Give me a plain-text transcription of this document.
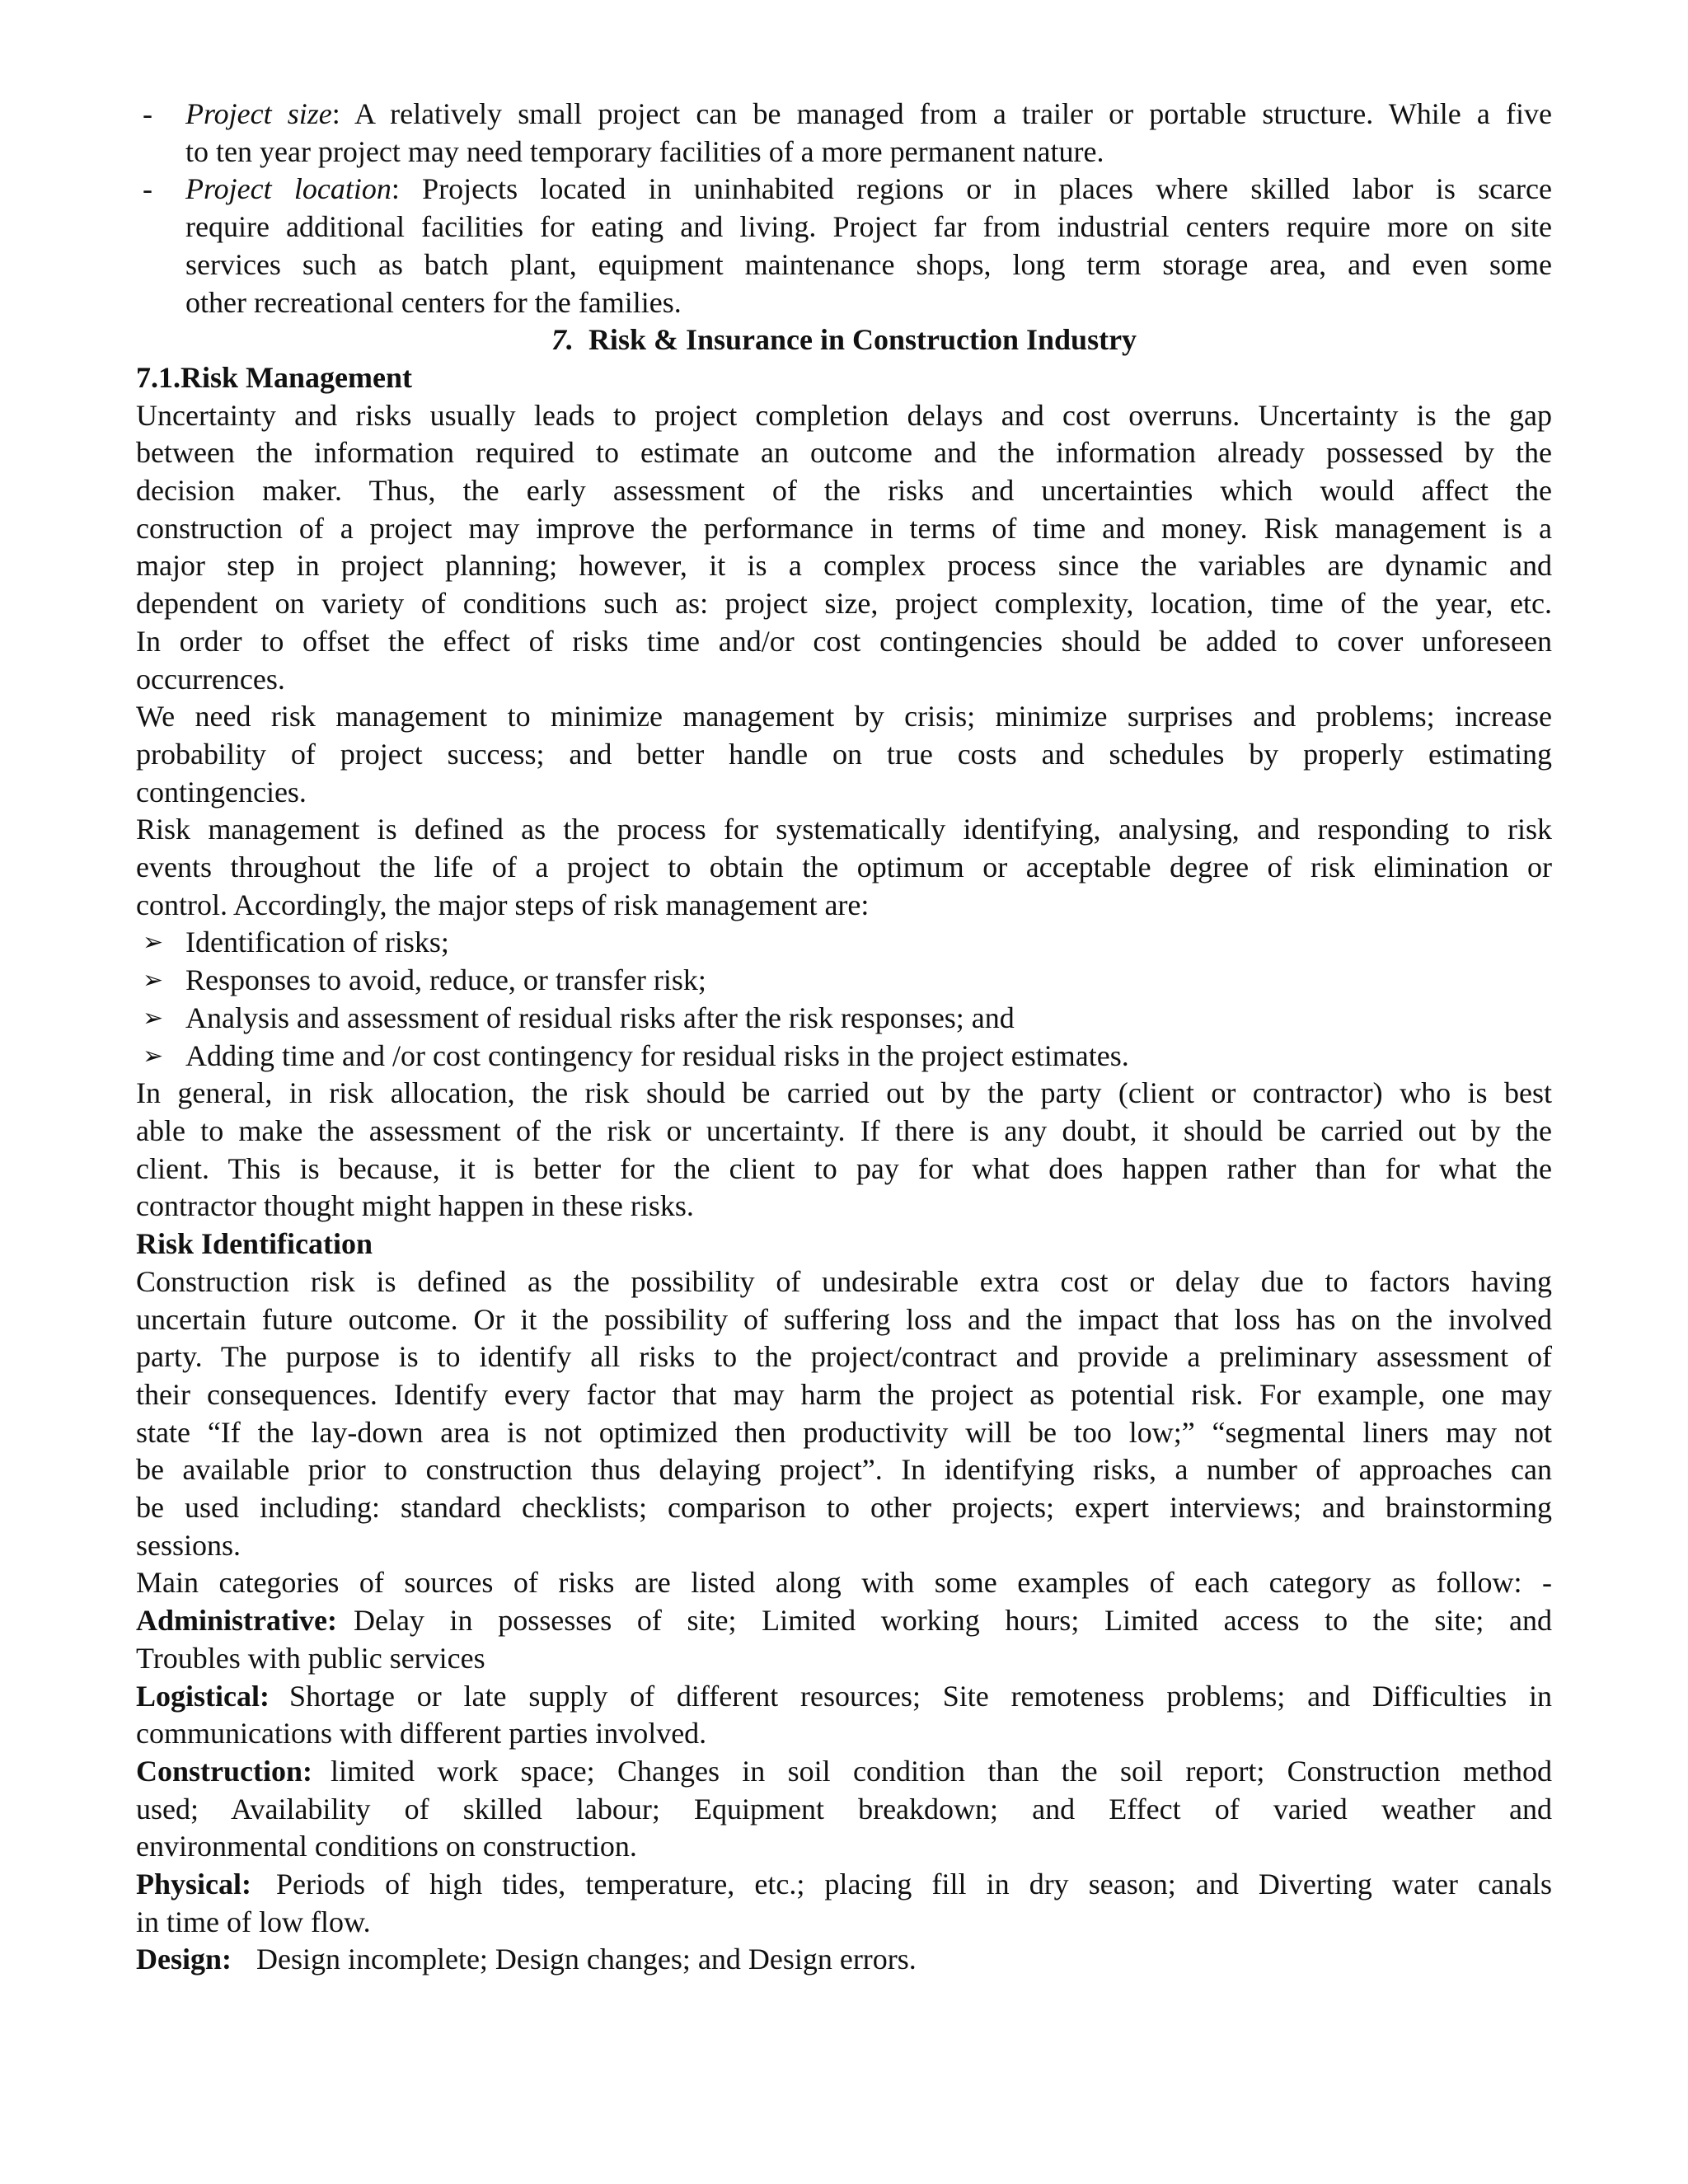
- Project size: A relatively small project can be managed from a trailer or portable structure. While a five

to ten year project may need temporary facilities of a more permanent nature.

- Project location: Projects located in uninhabited regions or in places where skilled labor is scarce

require additional facilities for eating and living. Project far from industrial centers require more on site

services such as batch plant, equipment maintenance shops, long term storage area, and even some

other recreational centers for the families.

7. Risk & Insurance in Construction Industry

7.1.Risk Management

Uncertainty and risks usually leads to project completion delays and cost overruns. Uncertainty is the gap

between the information required to estimate an outcome and the information already possessed by the

decision maker. Thus, the early assessment of the risks and uncertainties which would affect the

construction of a project may improve the performance in terms of time and money. Risk management is a

major step in project planning; however, it is a complex process since the variables are dynamic and

dependent on variety of conditions such as: project size, project complexity, location, time of the year, etc.

In order to offset the effect of risks time and/or cost contingencies should be added to cover unforeseen

occurrences.

We need risk management to minimize management by crisis; minimize surprises and problems; increase

probability of project success; and better handle on true costs and schedules by properly estimating

contingencies.

Risk management is defined as the process for systematically identifying, analysing, and responding to risk

events throughout the life of a project to obtain the optimum or acceptable degree of risk elimination or

control. Accordingly, the major steps of risk management are:

➢ Identification of risks;
➢ Responses to avoid, reduce, or transfer risk;
➢ Analysis and assessment of residual risks after the risk responses; and
➢ Adding time and /or cost contingency for residual risks in the project estimates.

In general, in risk allocation, the risk should be carried out by the party (client or contractor) who is best

able to make the assessment of the risk or uncertainty. If there is any doubt, it should be carried out by the

client. This is because, it is better for the client to pay for what does happen rather than for what the

contractor thought might happen in these risks.

Risk Identification

Construction risk is defined as the possibility of undesirable extra cost or delay due to factors having

uncertain future outcome. Or it the possibility of suffering loss and the impact that loss has on the involved

party. The purpose is to identify all risks to the project/contract and provide a preliminary assessment of

their consequences. Identify every factor that may harm the project as potential risk. For example, one may

state “If the lay-down area is not optimized then productivity will be too low;” “segmental liners may not

be available prior to construction thus delaying project”. In identifying risks, a number of approaches can

be used including: standard checklists; comparison to other projects; expert interviews; and brainstorming

sessions.

Main categories of sources of risks are listed along with some examples of each category as follow: -

Administrative: Delay in possesses of site; Limited working hours; Limited access to the site; and

Troubles with public services

Logistical: Shortage or late supply of different resources; Site remoteness problems; and Difficulties in

communications with different parties involved.

Construction: limited work space; Changes in soil condition than the soil report; Construction method

used; Availability of skilled labour; Equipment breakdown; and Effect of varied weather and

environmental conditions on construction.

Physical: Periods of high tides, temperature, etc.; placing fill in dry season; and Diverting water canals

in time of low flow.

Design: Design incomplete; Design changes; and Design errors.
